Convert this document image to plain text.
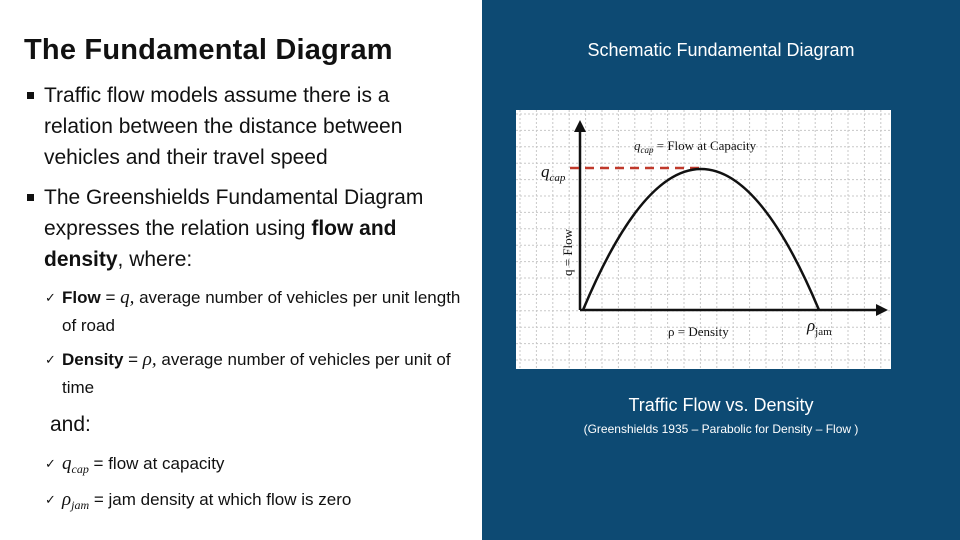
The Fundamental Diagram
Traffic flow models assume there is a relation between the distance between vehicles and their travel speed
The Greenshields Fundamental Diagram expresses the relation using flow and density, where:
✓ Flow = q, average number of vehicles per unit length of road
✓ Density = ρ, average number of vehicles per unit of time
and:
✓ $q_{cap}$ = flow at capacity
✓ $\rho_{jam}$ = jam density at which flow is zero
Schematic Fundamental Diagram
Traffic Flow vs. Density
(Greenshields 1935 – Parabolic for Density – Flow )
$q_{cap}$
$q_{cap}$ = Flow at Capacity
q = Flow
ρ = Density	$\rho_{jam}$
